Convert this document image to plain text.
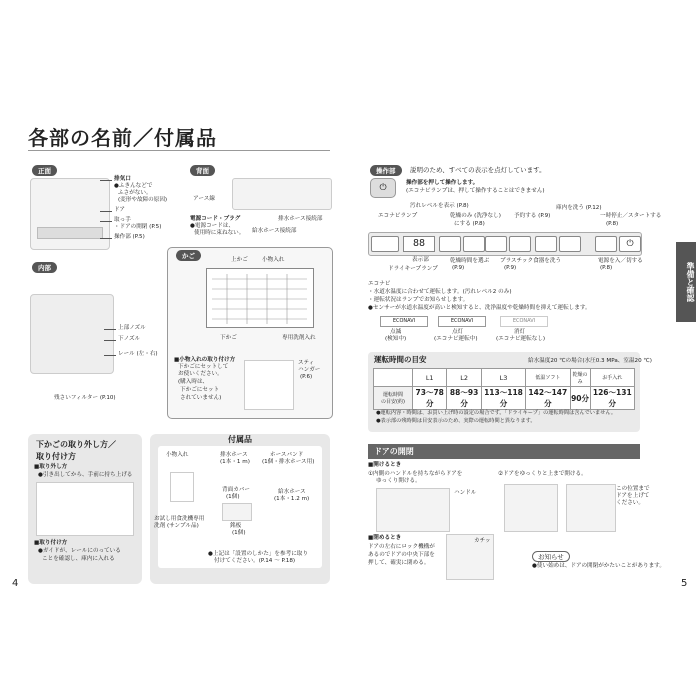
各部の名前／付属品
正面
排気口
●ふきんなどで
ふさがない。
(変形や故障の原因)
ドア
取っ手
・ドアの開閉 (P.5)
操作部 (P.5)
背面
アース線
電源コード・プラグ
●電源コードは、
使用時に束ねない。
排水ホース接続部
給水ホース接続部
かご	上かご	小物入れ
下かご	専用洗剤入れ
■小物入れの取り付け方
下かごにセットして
お使いください。
(購入時は、
下かごにセット
されていません)
スティ
ハンガー
(P.6)
内部
上部ノズル
下ノズル
レール (左・右)
残さいフィルター (P.10)
下かごの取り外し方／
取り付け方
■取り外し方
●引き出してから、手前に持ち上げる
■取り付け方
●ガイドが、レールにのっている
ことを確認し、庫内に入れる
付属品
小物入れ	排水ホース
(1本・1 m)
ホースバンド
(1個・排水ホース用)
背面カバー
(1個)
給水ホース
(1本・1.2 m)
お試し用食洗機専用
洗剤 (サンプル品)	銘板
(1個)
●上記は「設置のしかた」を参考に取り
付けてください。(P.14 ～ P.18)
4
操作部	説明のため、すべての表示を点灯しています。
⏻	操作部を押して操作します。
(エコナビランプは、押して操作することはできません)
汚れレベルを表示 (P.8)
乾燥のみ (洗浄なし)
にする (P.8)
予約する (P.9)
庫内を洗う (P.12)
一時停止／スタートする
(P.8)
エコナビランプ
88	⏻
表示部	乾燥時間を選ぶ
(P.9)
プラスチック食器を洗う
(P.9)
電源を入／切する
(P.8)
ドライキープランプ
エコナビ
・水道水温度に合わせて運転します。(汚れレベル2 のみ)
・運転状況はランプでお知らせします。
●センサーが水道水温度が高いと検知すると、洗浄温度や乾燥時間を抑えて運転します。
ECONAVI
点滅
(検知中)
ECONAVI
点灯
(エコナビ運転中)
ECONAVI
消灯
(エコナビ運転なし)
運転時間の目安	給水温度20 ℃の場合(水圧0.3 MPa、室温20 ℃)
	L1	L2	L3	低温ソフト	乾燥のみ	お手入れ
運転時間
の目安(約)	73～78分	88～93分	113～118分	142～147分	90分	126～131分
●運転内容・時間は、お買い上げ時の設定の場合です。「ドライキープ」の運転時間は含んでいません。
●表示部の残時間は目安表示のため、実際の運転時間と異なります。
ドアの開閉
■開けるとき
①内側のハンドルを持ちながらドアを
ゆっくり開ける。
ハンドル
②ドアをゆっくりと上まで開ける。
この位置まで
ドアを上げて
ください。
■閉めるとき
ドアの左右にロック機構が
あるのでドアの中央下部を
押して、確実に閉める。
カチッ
お知らせ
●使い始めは、ドアの開閉がかたいことがあります。
準備と確認
5
